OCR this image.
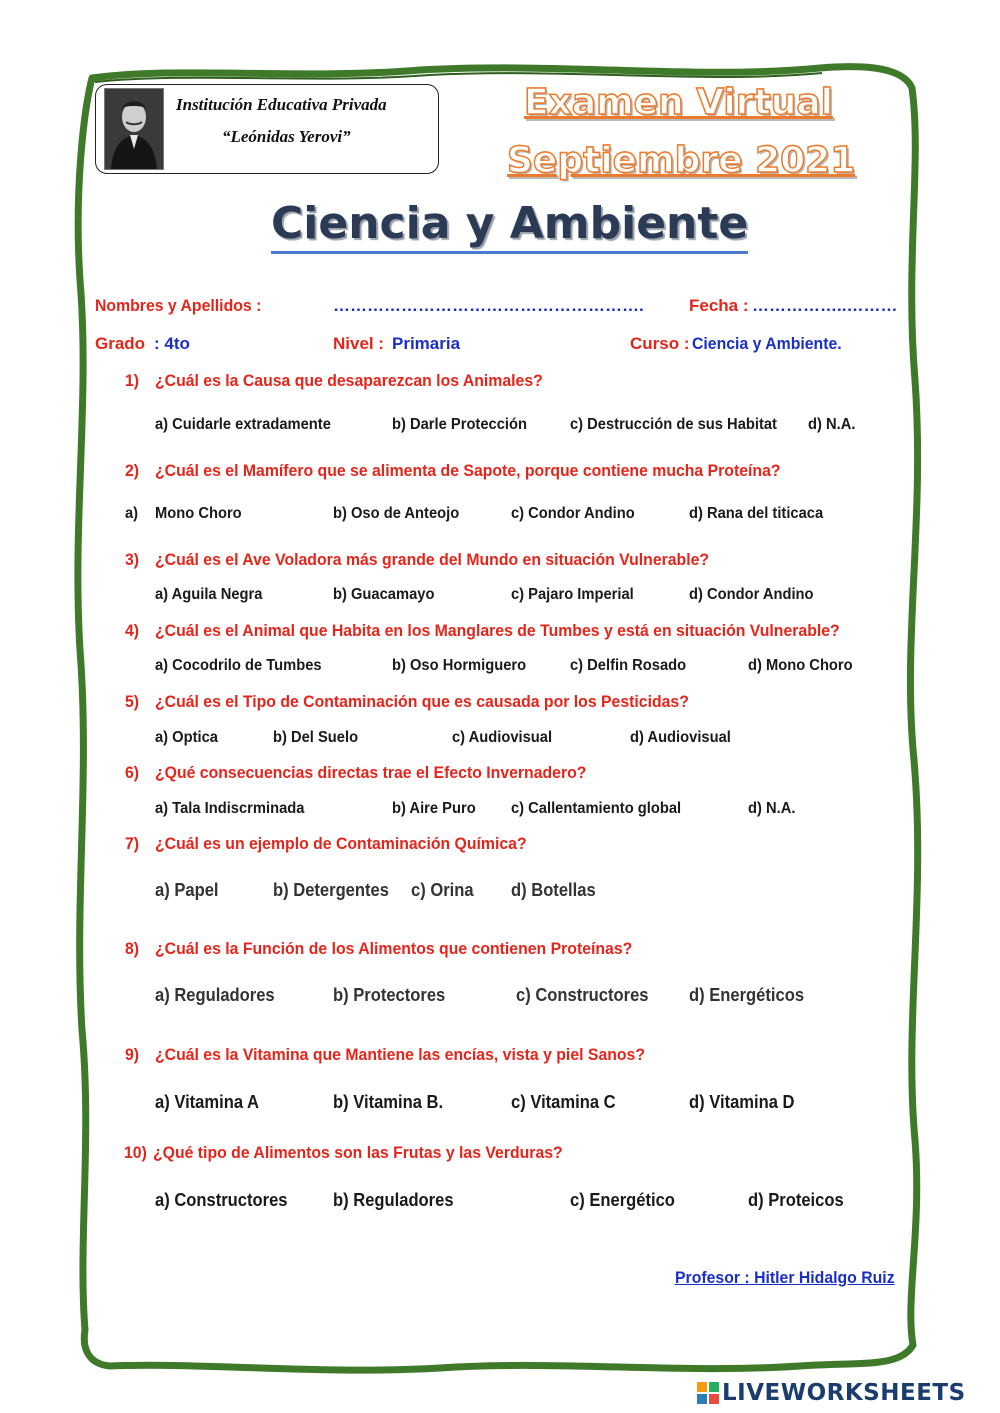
Institución Educativa Privada
“Leónidas Yerovi”
Examen Virtual
Septiembre 2021
Ciencia y Ambiente
Nombres y Apellidos :	……………………………………………….	Fecha : ……………..………
Grado : 4to	Nivel : Primaria	Curso : Ciencia y Ambiente.
1) ¿Cuál es la Causa que desaparezcan los Animales?
a) Cuidarle extradamente	b) Darle Protección	c) Destrucción de sus Habitat d) N.A.
2) ¿Cuál es el Mamífero que se alimenta de Sapote, porque contiene mucha Proteína?
a) Mono Choro	b) Oso de Anteojo	c) Condor Andino	d) Rana del titicaca
3) ¿Cuál es el Ave Voladora más grande del Mundo en situación Vulnerable?
a) Aguila Negra	b) Guacamayo	c) Pajaro Imperial	d) Condor Andino
4) ¿Cuál es el Animal que Habita en los Manglares de Tumbes y está en situación Vulnerable?
a) Cocodrilo de Tumbes	b) Oso Hormiguero	c) Delfin Rosado	d) Mono Choro
5) ¿Cuál es el Tipo de Contaminación que es causada por los Pesticidas?
a) Optica	b) Del Suelo	c) Audiovisual	d) Audiovisual
6) ¿Qué consecuencias directas trae el Efecto Invernadero?
a) Tala Indiscrminada	b) Aire Puro c) Callentamiento global	d) N.A.
7) ¿Cuál es un ejemplo de Contaminación Química?
a) Papel	b) Detergentes c) Orina d) Botellas
8) ¿Cuál es la Función de los Alimentos que contienen Proteínas?
a) Reguladores	b) Protectores	c) Constructores d) Energéticos
9) ¿Cuál es la Vitamina que Mantiene las encías, vista y piel Sanos?
a) Vitamina A	b) Vitamina B.	c) Vitamina C	d) Vitamina D
10) ¿Qué tipo de Alimentos son las Frutas y las Verduras?
a) Constructores	b) Reguladores	c) Energético	d) Proteicos
Profesor : Hitler Hidalgo Ruiz
LIVEWORKSHEETS
